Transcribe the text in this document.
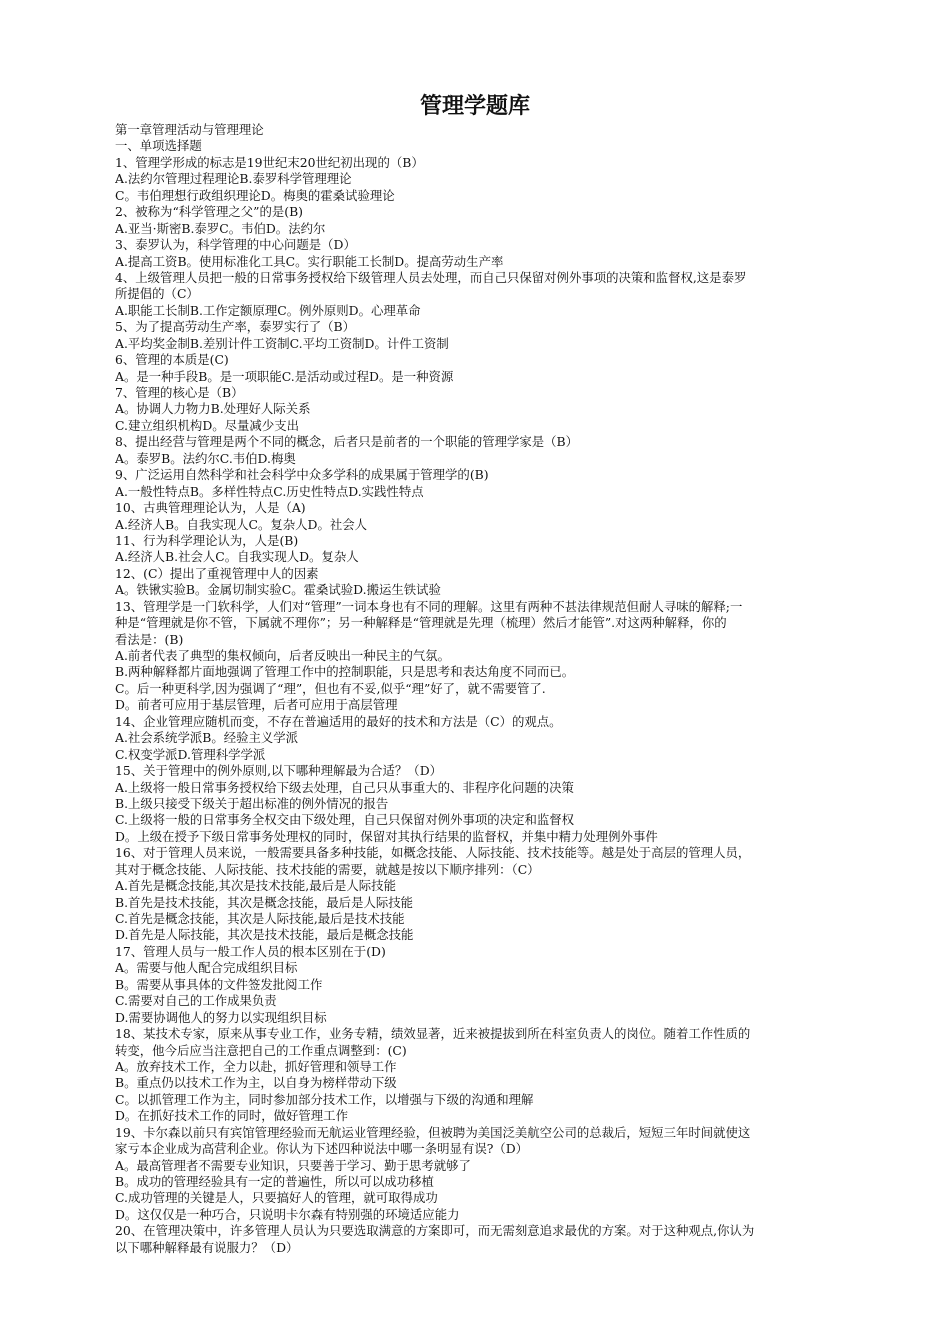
管理学题库
第一章管理活动与管理理论
一、单项选择题
1、管理学形成的标志是19世纪末20世纪初出现的（B）
A.法约尔管理过程理论B.泰罗科学管理理论
C。韦伯理想行政组织理论D。梅奥的霍桑试验理论
2、被称为“科学管理之父”的是(B)
A.亚当·斯密B.泰罗C。韦伯D。法约尔
3、泰罗认为，科学管理的中心问题是（D）
A.提高工资B。使用标准化工具C。实行职能工长制D。提高劳动生产率
4、上级管理人员把一般的日常事务授权给下级管理人员去处理，而自己只保留对例外事项的决策和监督权,这是泰罗
所提倡的（C）
A.职能工长制B.工作定额原理C。例外原则D。心理革命
5、为了提高劳动生产率，泰罗实行了（B）
A.平均奖金制B.差别计件工资制C.平均工资制D。计件工资制
6、管理的本质是(C)
A。是一种手段B。是一项职能C.是活动或过程D。是一种资源
7、管理的核心是（B）
A。协调人力物力B.处理好人际关系
C.建立组织机构D。尽量减少支出
8、提出经营与管理是两个不同的概念，后者只是前者的一个职能的管理学家是（B）
A。泰罗B。法约尔C.韦伯D.梅奥
9、广泛运用自然科学和社会科学中众多学科的成果属于管理学的(B)
A.一般性特点B。多样性特点C.历史性特点D.实践性特点
10、古典管理理论认为，人是（A)
A.经济人B。自我实现人C。复杂人D。社会人
11、行为科学理论认为，人是(B)
A.经济人B.社会人C。自我实现人D。复杂人
12、(C）提出了重视管理中人的因素
A。铁锹实验B。金属切制实验C。霍桑试验D.搬运生铁试验
13、管理学是一门软科学，人们对“管理”一词本身也有不同的理解。这里有两种不甚法律规范但耐人寻味的解释;一
种是“管理就是你不管，下属就不理你”；另一种解释是“管理就是先理（梳理）然后才能管”.对这两种解释，你的
看法是：(B)
A.前者代表了典型的集权倾向，后者反映出一种民主的气氛。
B.两种解释都片面地强调了管理工作中的控制职能，只是思考和表达角度不同而已。
C。后一种更科学,因为强调了“理”，但也有不妥,似乎“理”好了，就不需要管了.
D。前者可应用于基层管理，后者可应用于高层管理
14、企业管理应随机而变，不存在普遍适用的最好的技术和方法是（C）的观点。
A.社会系统学派B。经验主义学派
C.权变学派D.管理科学学派
15、关于管理中的例外原则,以下哪种理解最为合适？（D）
A.上级将一般日常事务授权给下级去处理，自己只从事重大的、非程序化问题的决策
B.上级只接受下级关于超出标准的例外情况的报告
C.上级将一般的日常事务全权交由下级处理，自己只保留对例外事项的决定和监督权
D。上级在授予下级日常事务处理权的同时，保留对其执行结果的监督权，并集中精力处理例外事件
16、对于管理人员来说，一般需要具备多种技能，如概念技能、人际技能、技术技能等。越是处于高层的管理人员，
其对于概念技能、人际技能、技术技能的需要，就越是按以下顺序排列：（C）
A.首先是概念技能,其次是技术技能,最后是人际技能
B.首先是技术技能，其次是概念技能，最后是人际技能
C.首先是概念技能，其次是人际技能,最后是技术技能
D.首先是人际技能，其次是技术技能，最后是概念技能
17、管理人员与一般工作人员的根本区别在于(D)
A。需要与他人配合完成组织目标
B。需要从事具体的文件签发批阅工作
C.需要对自己的工作成果负责
D.需要协调他人的努力以实现组织目标
18、某技术专家，原来从事专业工作，业务专精，绩效显著，近来被提拔到所在科室负责人的岗位。随着工作性质的
转变，他今后应当注意把自己的工作重点调整到：(C)
A。放弃技术工作，全力以赴，抓好管理和领导工作
B。重点仍以技术工作为主，以自身为榜样带动下级
C。以抓管理工作为主，同时参加部分技术工作，以增强与下级的沟通和理解
D。在抓好技术工作的同时，做好管理工作
19、卡尔森以前只有宾馆管理经验而无航运业管理经验，但被聘为美国泛美航空公司的总裁后，短短三年时间就使这
家亏本企业成为高营利企业。你认为下述四种说法中哪一条明显有误?（D）
A。最高管理者不需要专业知识，只要善于学习、勤于思考就够了
B。成功的管理经验具有一定的普遍性，所以可以成功移植
C.成功管理的关键是人，只要搞好人的管理，就可取得成功
D。这仅仅是一种巧合，只说明卡尔森有特别强的环境适应能力
20、在管理决策中，许多管理人员认为只要选取满意的方案即可，而无需刻意追求最优的方案。对于这种观点,你认为
以下哪种解释最有说服力？（D）
